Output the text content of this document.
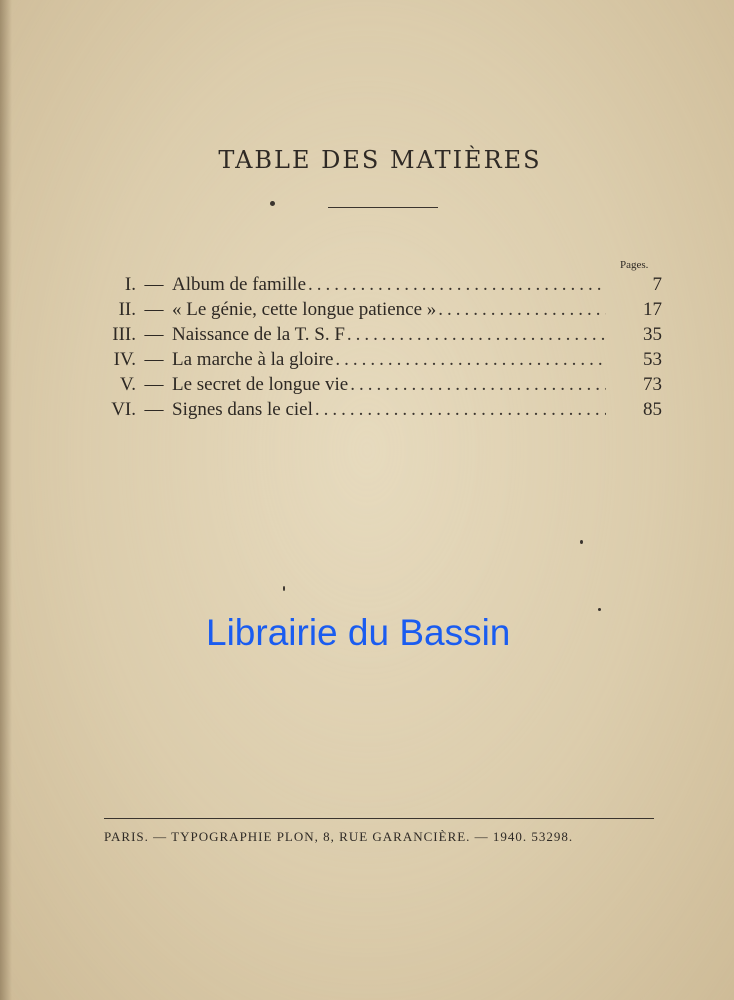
TABLE DES MATIÈRES
Pages.
I. — Album de famille .....	7
II. — « Le génie, cette longue patience » .....	17
III. — Naissance de la T. S. F .....	35
IV. — La marche à la gloire .....	53
V. — Le secret de longue vie .....	73
VI. — Signes dans le ciel .....	85
Librairie du Bassin
PARIS. — TYPOGRAPHIE PLON, 8, RUE GARANCIÈRE. — 1940. 53298.
